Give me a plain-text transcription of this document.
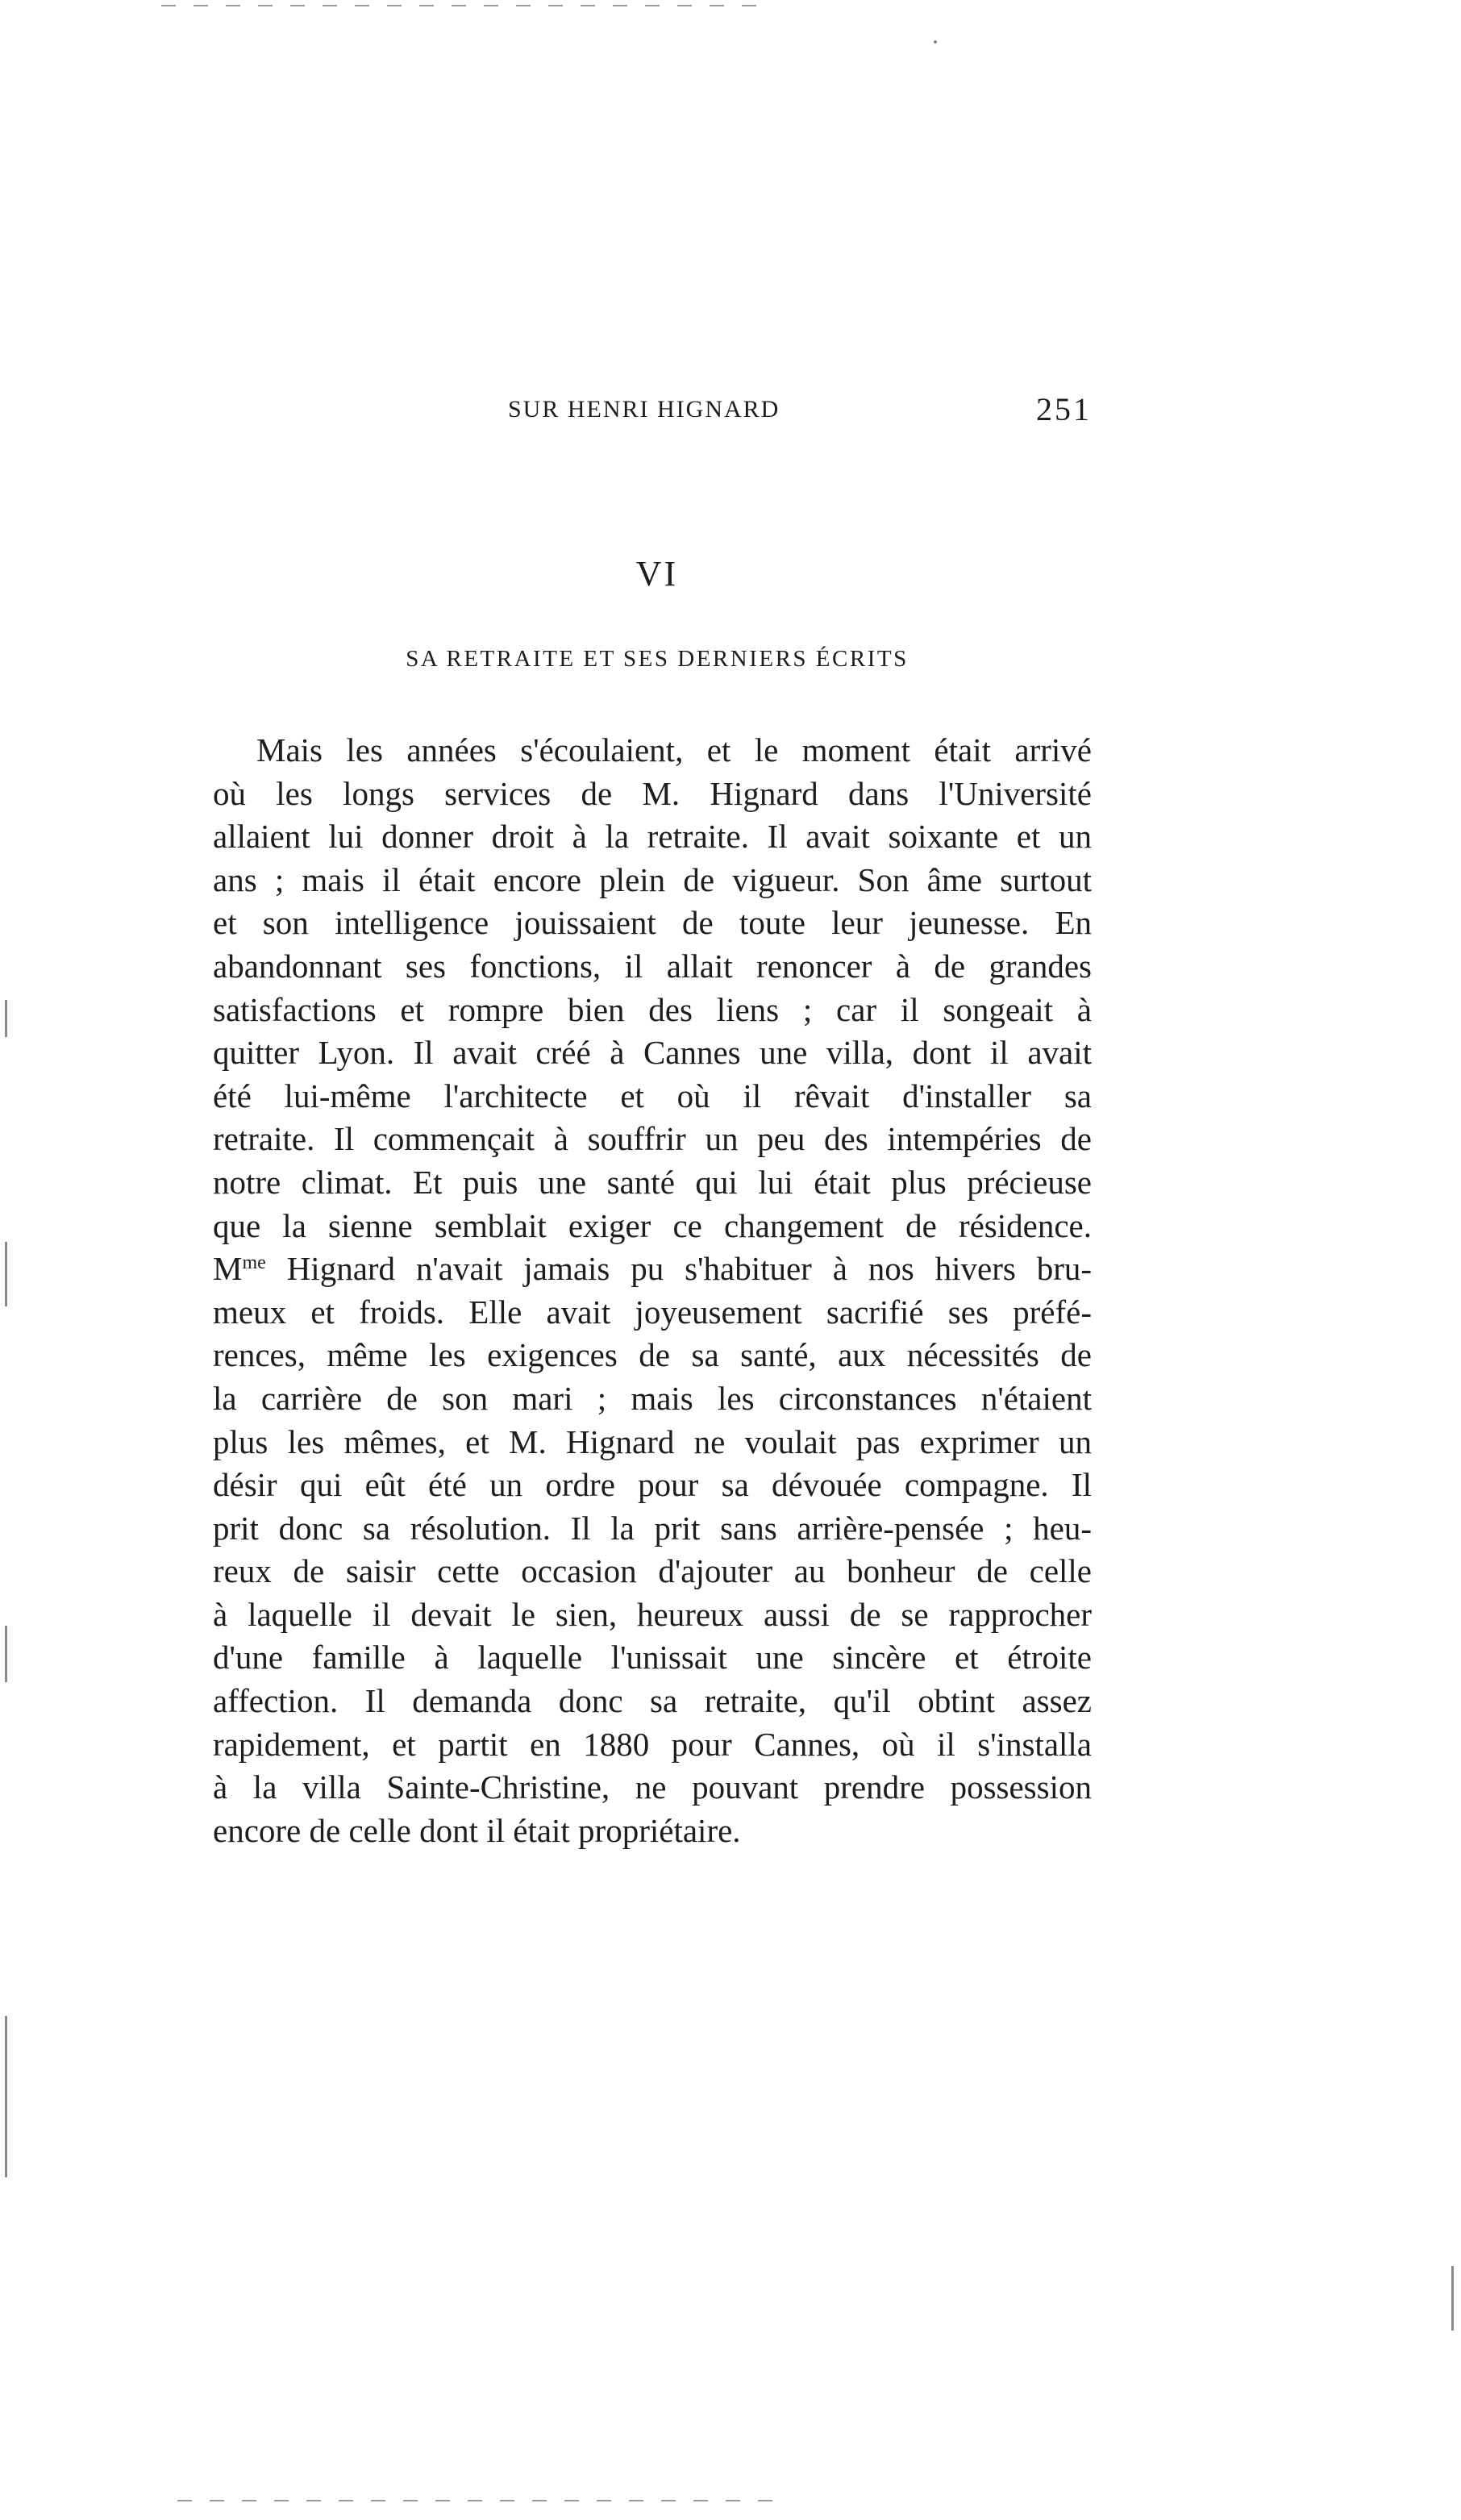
SUR HENRI HIGNARD	251
VI
SA RETRAITE ET SES DERNIERS ÉCRITS
Mais les années s'écoulaient, et le moment était arrivé
où les longs services de M. Hignard dans l'Université
allaient lui donner droit à la retraite. Il avait soixante et un
ans ; mais il était encore plein de vigueur. Son âme surtout
et son intelligence jouissaient de toute leur jeunesse. En
abandonnant ses fonctions, il allait renoncer à de grandes
satisfactions et rompre bien des liens ; car il songeait à
quitter Lyon. Il avait créé à Cannes une villa, dont il avait
été lui-même l'architecte et où il rêvait d'installer sa
retraite. Il commençait à souffrir un peu des intempéries de
notre climat. Et puis une santé qui lui était plus précieuse
que la sienne semblait exiger ce changement de résidence.
$M^{me}$ Hignard n'avait jamais pu s'habituer à nos hivers bru-
meux et froids. Elle avait joyeusement sacrifié ses préfé-
rences, même les exigences de sa santé, aux nécessités de
la carrière de son mari ; mais les circonstances n'étaient
plus les mêmes, et M. Hignard ne voulait pas exprimer un
désir qui eût été un ordre pour sa dévouée compagne. Il
prit donc sa résolution. Il la prit sans arrière-pensée ; heu-
reux de saisir cette occasion d'ajouter au bonheur de celle
à laquelle il devait le sien, heureux aussi de se rapprocher
d'une famille à laquelle l'unissait une sincère et étroite
affection. Il demanda donc sa retraite, qu'il obtint assez
rapidement, et partit en 1880 pour Cannes, où il s'installa
à la villa Sainte-Christine, ne pouvant prendre possession
encore de celle dont il était propriétaire.
